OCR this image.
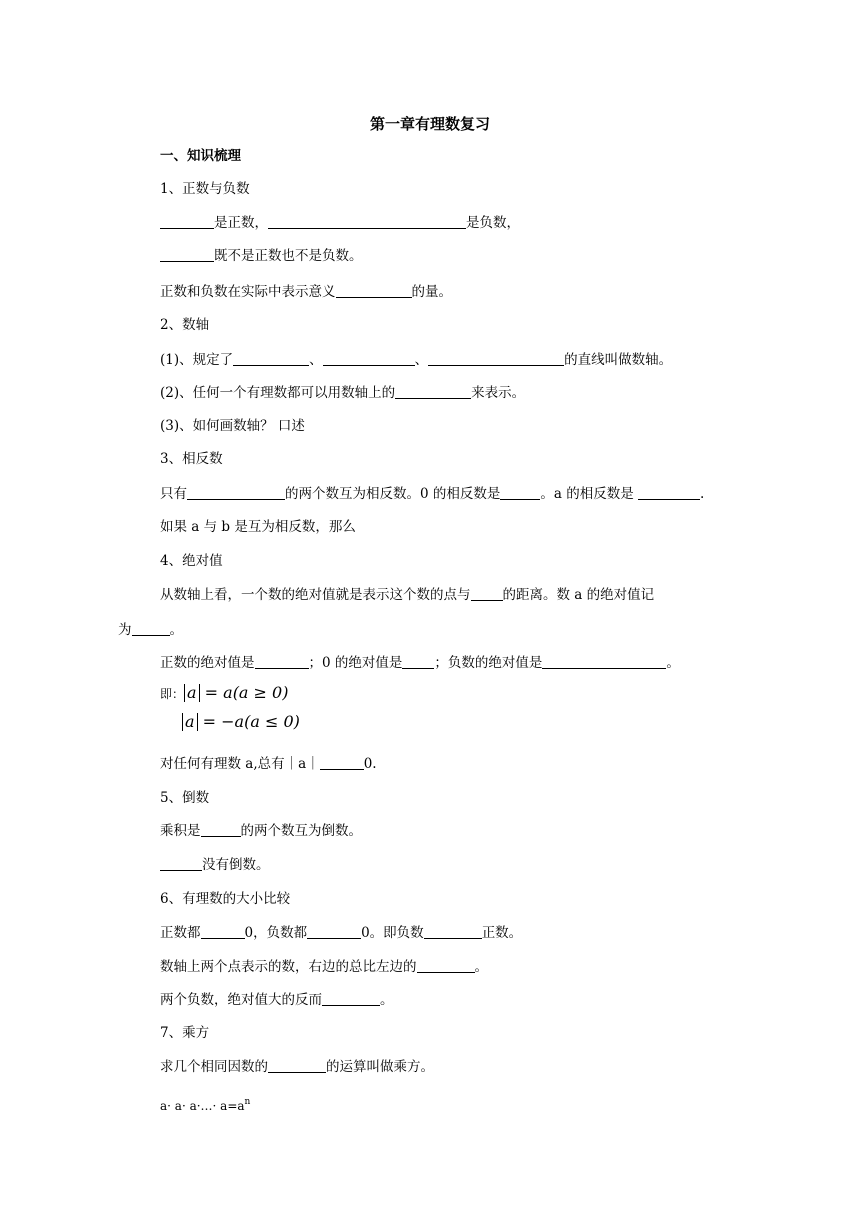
第一章有理数复习
一、知识梳理
1、正数与负数
是正数，	是负数，
既不是正数也不是负数。
正数和负数在实际中表示意义	的量。
2、数轴
(1)、规定了	、	、	的直线叫做数轴。
(2)、任何一个有理数都可以用数轴上的	来表示。
(3)、如何画数轴？ 口述
3、相反数
只有	的两个数互为相反数。0 的相反数是	。a 的相反数是	.
如果 a 与 b 是互为相反数，那么
4、绝对值
从数轴上看，一个数的绝对值就是表示这个数的点与 的距离。数 a 的绝对值记
为	。
正数的绝对值是	；0 的绝对值是 ；负数的绝对值是	。
即： a = a(a ≥ 0)
a = −a(a ≤ 0)
对任何有理数 a,总有｜a｜	0.
5、倒数
乘积是	的两个数互为倒数。
没有倒数。
6、有理数的大小比较
正数都	0，负数都	0。即负数	正数。
数轴上两个点表示的数，右边的总比左边的	。
两个负数，绝对值大的反而	。
7、乘方
求几个相同因数的	的运算叫做乘方。
a· a· a·…· $a=a^n$
